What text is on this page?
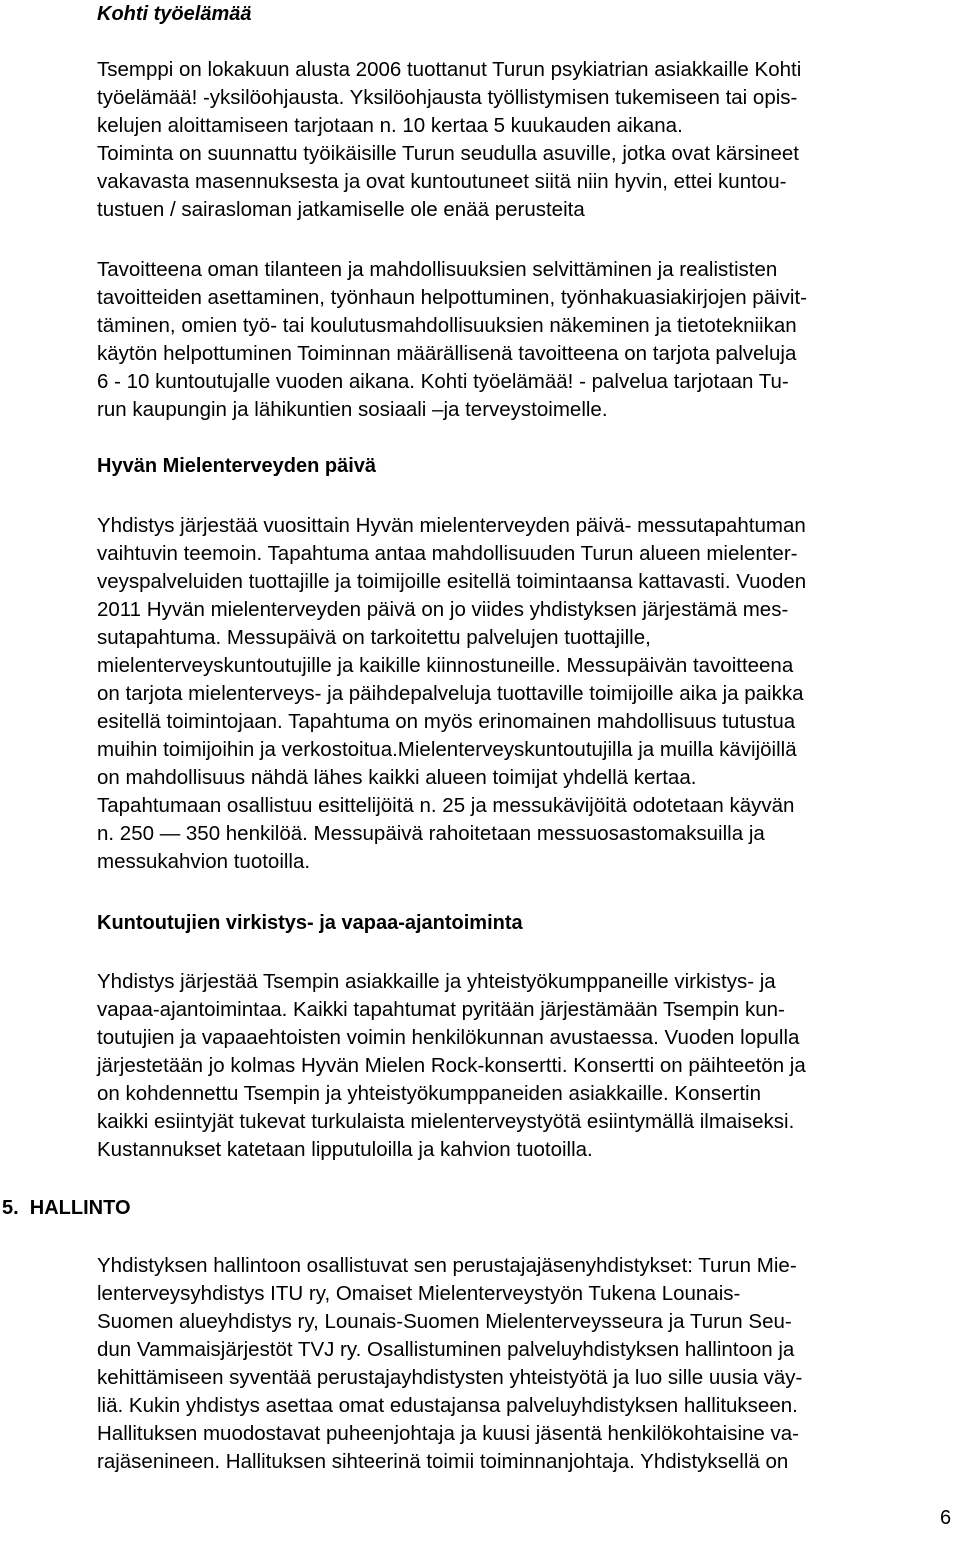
Kohti työelämää
Tsemppi on lokakuun alusta 2006 tuottanut Turun psykiatrian asiakkaille Kohti
työelämää! -yksilöohjausta. Yksilöohjausta työllistymisen tukemiseen tai opis-
kelujen aloittamiseen tarjotaan n. 10 kertaa 5 kuukauden aikana.
Toiminta on suunnattu työikäisille Turun seudulla asuville, jotka ovat kärsineet
vakavasta masennuksesta ja ovat kuntoutuneet siitä niin hyvin, ettei kuntou-
tustuen / sairasloman jatkamiselle ole enää perusteita
Tavoitteena oman tilanteen ja mahdollisuuksien selvittäminen ja realististen
tavoitteiden asettaminen, työnhaun helpottuminen, työnhakuasiakirjojen päivit-
täminen, omien työ- tai koulutusmahdollisuuksien näkeminen ja tietotekniikan
käytön helpottuminen Toiminnan määrällisenä tavoitteena on tarjota palveluja
6 - 10 kuntoutujalle vuoden aikana. Kohti työelämää! - palvelua tarjotaan Tu-
run kaupungin ja lähikuntien sosiaali –ja terveystoimelle.
Hyvän Mielenterveyden päivä
Yhdistys järjestää vuosittain Hyvän mielenterveyden päivä- messutapahtuman
vaihtuvin teemoin. Tapahtuma antaa mahdollisuuden Turun alueen mielenter-
veyspalveluiden tuottajille ja toimijoille esitellä toimintaansa kattavasti. Vuoden
2011 Hyvän mielenterveyden päivä on jo viides yhdistyksen järjestämä mes-
sutapahtuma. Messupäivä on tarkoitettu palvelujen tuottajille,
mielenterveyskuntoutujille ja kaikille kiinnostuneille. Messupäivän tavoitteena
on tarjota mielenterveys- ja päihdepalveluja tuottaville toimijoille aika ja paikka
esitellä toimintojaan. Tapahtuma on myös erinomainen mahdollisuus tutustua
muihin toimijoihin ja verkostoitua.Mielenterveyskuntoutujilla ja muilla kävijöillä
on mahdollisuus nähdä lähes kaikki alueen toimijat yhdellä kertaa.
Tapahtumaan osallistuu esittelijöitä n. 25 ja messukävijöitä odotetaan käyvän
n. 250 — 350 henkilöä. Messupäivä rahoitetaan messuosastomaksuilla ja
messukahvion tuotoilla.
Kuntoutujien virkistys- ja vapaa-ajantoiminta
Yhdistys järjestää Tsempin asiakkaille ja yhteistyökumppaneille virkistys- ja
vapaa-ajantoimintaa. Kaikki tapahtumat pyritään järjestämään Tsempin kun-
toutujien ja vapaaehtoisten voimin henkilökunnan avustaessa. Vuoden lopulla
järjestetään jo kolmas Hyvän Mielen Rock-konsertti. Konsertti on päihteetön ja
on kohdennettu Tsempin ja yhteistyökumppaneiden asiakkaille. Konsertin
kaikki esiintyjät tukevat turkulaista mielenterveystyötä esiintymällä ilmaiseksi.
Kustannukset katetaan lipputuloilla ja kahvion tuotoilla.
5.  HALLINTO
Yhdistyksen hallintoon osallistuvat sen perustajajäsenyhdistykset: Turun Mie-
lenterveysyhdistys ITU ry, Omaiset Mielenterveystyön Tukena Lounais-
Suomen alueyhdistys ry, Lounais-Suomen Mielenterveysseura ja Turun Seu-
dun Vammaisjärjestöt TVJ ry. Osallistuminen palveluyhdistyksen hallintoon ja
kehittämiseen syventää perustajayhdistysten yhteistyötä ja luo sille uusia väy-
liä. Kukin yhdistys asettaa omat edustajansa palveluyhdistyksen hallitukseen.
Hallituksen muodostavat puheenjohtaja ja kuusi jäsentä henkilökohtaisine va-
rajäsenineen. Hallituksen sihteerinä toimii toiminnanjohtaja. Yhdistyksellä on
6
